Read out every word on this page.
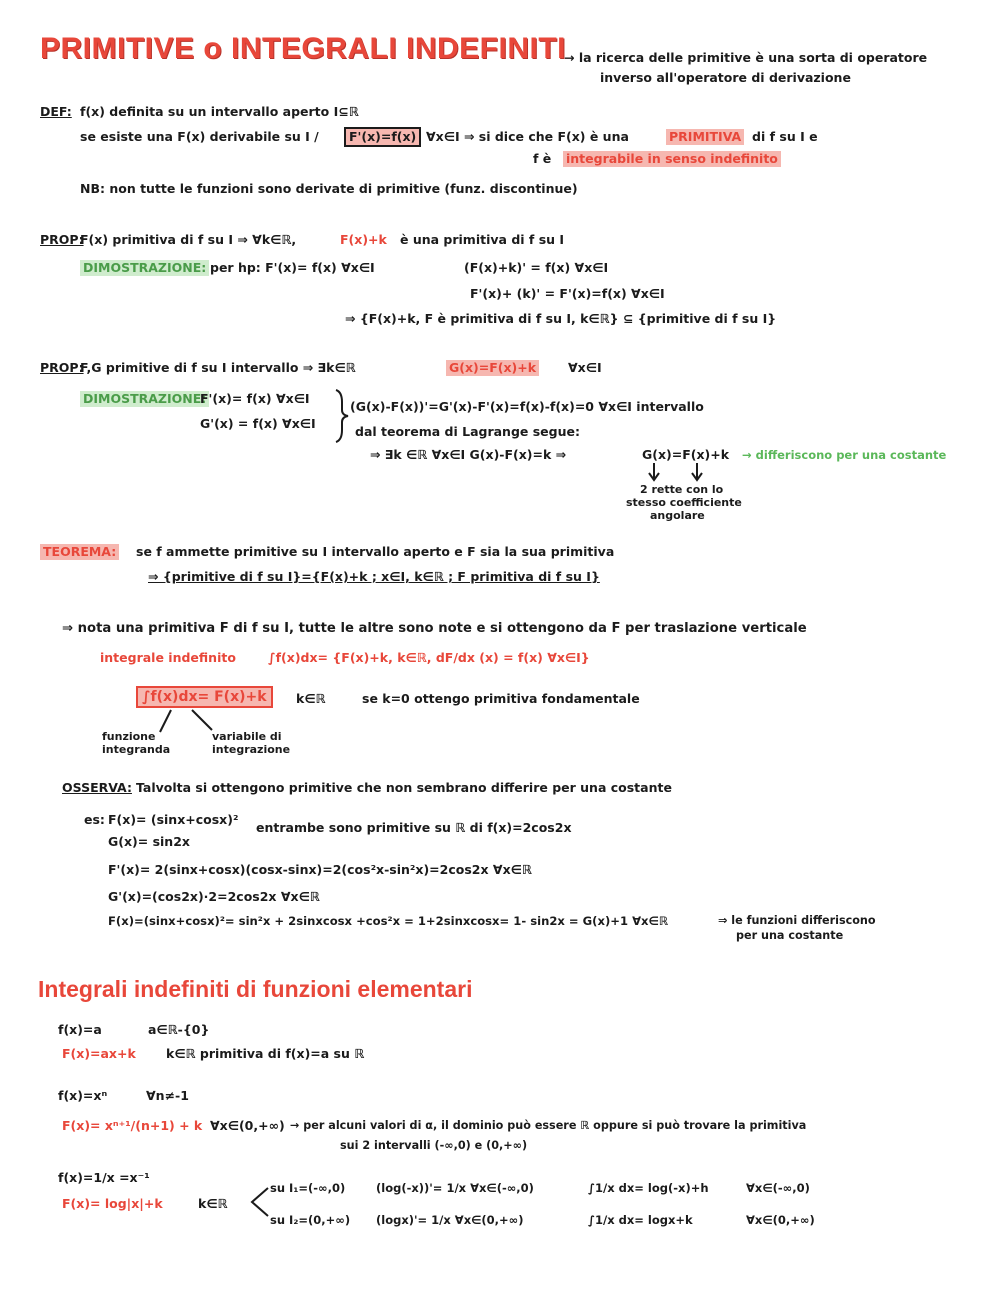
PRIMITIVE o INTEGRALI INDEFINITI
→ la ricerca delle primitive è una sorta di operatore
inverso all'operatore di derivazione
DEF: f(x) definita su un intervallo aperto I⊆ℝ
se esiste una F(x) derivabile su I / F'(x)=f(x) ∀x∈I ⇒ si dice che F(x) è una	PRIMITIVA di f su I e
f è integrabile in senso indefinito
NB: non tutte le funzioni sono derivate di primitive (funz. discontinue)
PROP:
F(x) primitiva di f su I ⇒ ∀k∈ℝ,	F(x)+k è una primitiva di f su I
DIMOSTRAZIONE: per hp: F'(x)= f(x) ∀x∈I	(F(x)+k)' = f(x) ∀x∈I
F'(x)+ (k)' = F'(x)=f(x) ∀x∈I
⇒ {F(x)+k, F è primitiva di f su I, k∈ℝ} ⊆ {primitive di f su I}
PROP:
F,G primitive di f su I intervallo ⇒ ∃k∈ℝ	G(x)=F(x)+k	∀x∈I
DIMOSTRAZIONE:
F'(x)= f(x) ∀x∈I
G'(x) = f(x) ∀x∈I
(G(x)-F(x))'=G'(x)-F'(x)=f(x)-f(x)=0 ∀x∈I intervallo
dal teorema di Lagrange segue:
⇒ ∃k ∈ℝ ∀x∈I G(x)-F(x)=k ⇒	G(x)=F(x)+k → differiscono per una costante
2 rette con lo
stesso coefficiente
angolare
TEOREMA: se f ammette primitive su I intervallo aperto e F sia la sua primitiva
⇒ {primitive di f su I}={F(x)+k ; x∈I, k∈ℝ ; F primitiva di f su I}
⇒ nota una primitiva F di f su I, tutte le altre sono note e si ottengono da F per traslazione verticale
integrale indefinito	∫f(x)dx= {F(x)+k, k∈ℝ, dF/dx (x) = f(x) ∀x∈I}
∫f(x)dx= F(x)+k	k∈ℝ	se k=0 ottengo primitiva fondamentale
funzione
integranda
variabile di
integrazione
OSSERVA: Talvolta si ottengono primitive che non sembrano differire per una costante
es: F(x)= (sinx+cosx)²
entrambe sono primitive su ℝ di f(x)=2cos2x
G(x)= sin2x
F'(x)= 2(sinx+cosx)(cosx-sinx)=2(cos²x-sin²x)=2cos2x ∀x∈ℝ
G'(x)=(cos2x)·2=2cos2x ∀x∈ℝ
F(x)=(sinx+cosx)²= sin²x + 2sinxcosx +cos²x = 1+2sinxcosx= 1- sin2x = G(x)+1 ∀x∈ℝ	⇒ le funzioni differiscono
per una costante
Integrali indefiniti di funzioni elementari
f(x)=a	a∈ℝ-{0}
F(x)=ax+k k∈ℝ primitiva di f(x)=a su ℝ
f(x)=xⁿ	∀n≠-1
F(x)= xⁿ⁺¹/(n+1) + k ∀x∈(0,+∞) → per alcuni valori di α, il dominio può essere ℝ oppure si può trovare la primitiva
sui 2 intervalli (-∞,0) e (0,+∞)
f(x)=1/x =x⁻¹
F(x)= log|x|+k	k∈ℝ
su I₁=(-∞,0)	(log(-x))'= 1/x ∀x∈(-∞,0)	∫1/x dx= log(-x)+h	∀x∈(-∞,0)
su I₂=(0,+∞) (logx)'= 1/x ∀x∈(0,+∞)	∫1/x dx= logx+k	∀x∈(0,+∞)
